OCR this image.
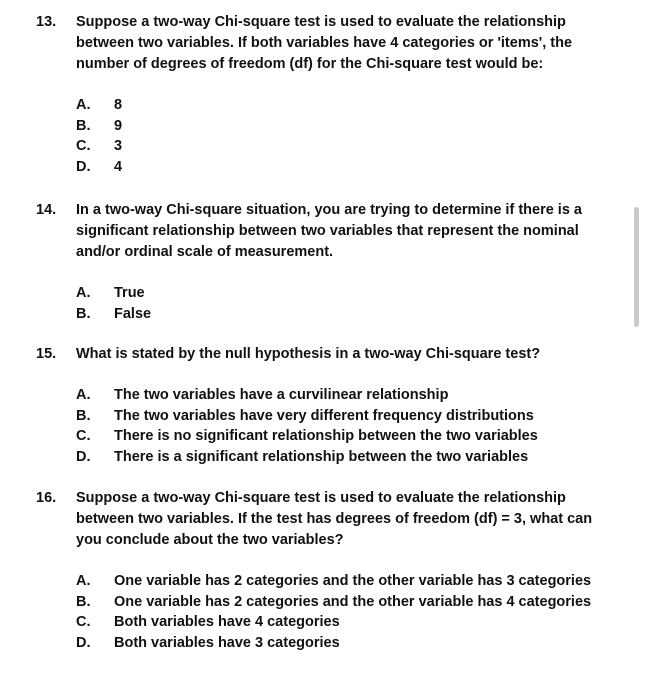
13.	Suppose a two-way Chi-square test is used to evaluate the relationship between two variables. If both variables have 4 categories or 'items', the number of degrees of freedom (df) for the Chi-square test would be:
A.	8
B.	9
C.	3
D.	4
14.	In a two-way Chi-square situation, you are trying to determine if there is a significant relationship between two variables that represent the nominal and/or ordinal scale of measurement.
A.	True
B.	False
15.	What is stated by the null hypothesis in a two-way Chi-square test?
A.	The two variables have a curvilinear relationship
B.	The two variables have very different frequency distributions
C.	There is no significant relationship between the two variables
D.	There is a significant relationship between the two variables
16.	Suppose a two-way Chi-square test is used to evaluate the relationship between two variables. If the test has degrees of freedom (df) = 3, what can you conclude about the two variables?
A.	One variable has 2 categories and the other variable has 3 categories
B.	One variable has 2 categories and the other variable has 4 categories
C.	Both variables have 4 categories
D.	Both variables have 3 categories
